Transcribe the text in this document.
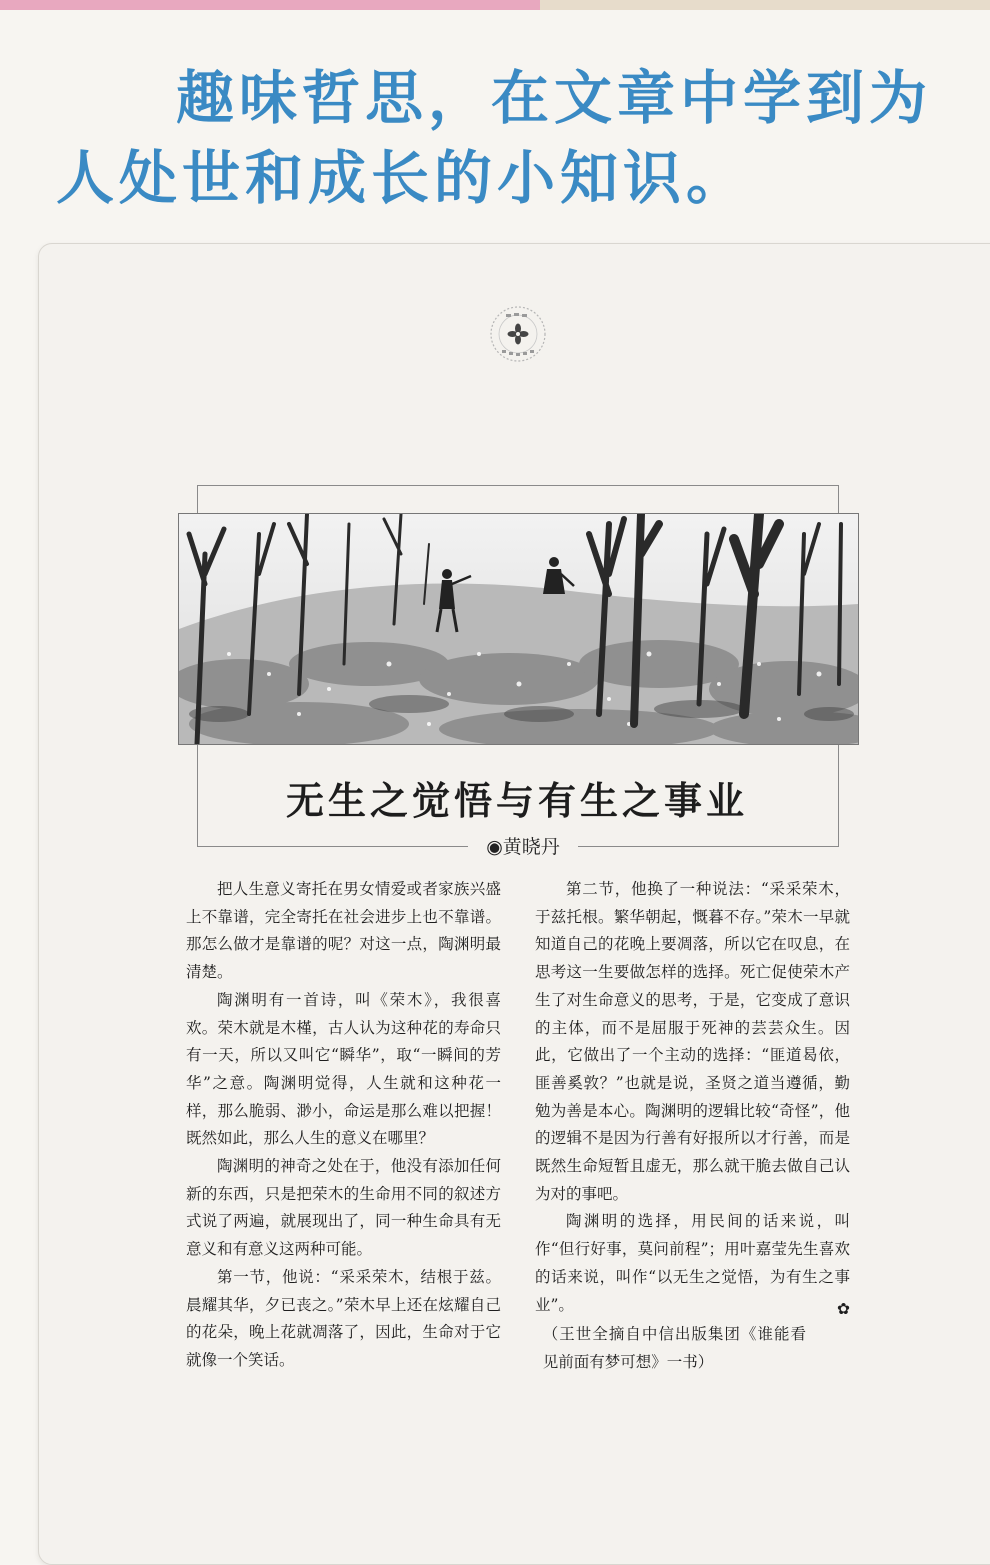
趣味哲思，在文章中学到为
人处世和成长的小知识。
无生之觉悟与有生之事业
◉黄晓丹

把人生意义寄托在男女情爱或者家族兴盛上不靠谱，完全寄托在社会进步上也不靠谱。那怎么做才是靠谱的呢？对这一点，陶渊明最清楚。

陶渊明有一首诗，叫《荣木》，我很喜欢。荣木就是木槿，古人认为这种花的寿命只有一天，所以又叫它“瞬华”，取“一瞬间的芳华”之意。陶渊明觉得，人生就和这种花一样，那么脆弱、渺小，命运是那么难以把握！既然如此，那么人生的意义在哪里？

陶渊明的神奇之处在于，他没有添加任何新的东西，只是把荣木的生命用不同的叙述方式说了两遍，就展现出了，同一种生命具有无意义和有意义这两种可能。

第一节，他说：“采采荣木，结根于兹。晨耀其华，夕已丧之。”荣木早上还在炫耀自己的花朵，晚上花就凋落了，因此，生命对于它就像一个笑话。

第二节，他换了一种说法：“采采荣木，于兹托根。繁华朝起，慨暮不存。”荣木一早就知道自己的花晚上要凋落，所以它在叹息，在思考这一生要做怎样的选择。死亡促使荣木产生了对生命意义的思考，于是，它变成了意识的主体，而不是屈服于死神的芸芸众生。因此，它做出了一个主动的选择：“匪道曷依，匪善奚敦？”也就是说，圣贤之道当遵循，勤勉为善是本心。陶渊明的逻辑比较“奇怪”，他的逻辑不是因为行善有好报所以才行善，而是既然生命短暂且虚无，那么就干脆去做自己认为对的事吧。

陶渊明的选择，用民间的话来说，叫作“但行好事，莫问前程”；用叶嘉莹先生喜欢的话来说，叫作“以无生之觉悟，为有生之事业”。	✿

（王世全摘自中信出版集团《谁能看见前面有梦可想》一书）
